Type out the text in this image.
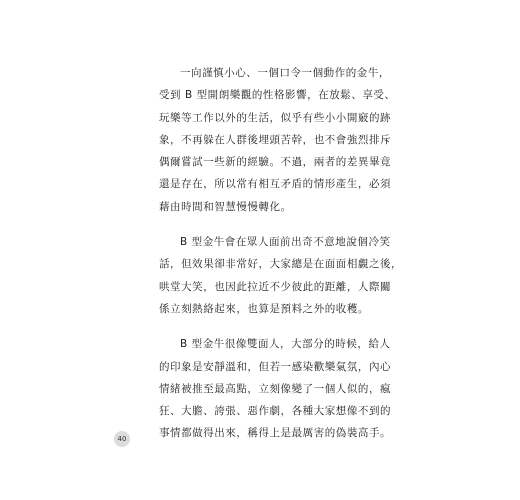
一向謹慎小心、一個口令一個動作的金牛，
受到 B 型開朗樂觀的性格影響，在放鬆、享受、
玩樂等工作以外的生活，似乎有些小小開竅的跡
象，不再躲在人群後埋頭苦幹，也不會強烈排斥
偶爾嘗試一些新的經驗。不過，兩者的差異畢竟
還是存在，所以常有相互矛盾的情形產生，必須
藉由時間和智慧慢慢轉化。

B 型金牛會在眾人面前出奇不意地說個冷笑
話，但效果卻非常好，大家總是在面面相覷之後，
哄堂大笑，也因此拉近不少彼此的距離，人際關
係立刻熱絡起來，也算是預料之外的收穫。

B 型金牛很像雙面人，大部分的時候，給人
的印象是安靜溫和，但若一感染歡樂氣氛，內心
情緒被推至最高點，立刻像變了一個人似的，瘋
狂、大膽、誇張、惡作劇，各種大家想像不到的
事情都做得出來，稱得上是最厲害的偽裝高手。

40
